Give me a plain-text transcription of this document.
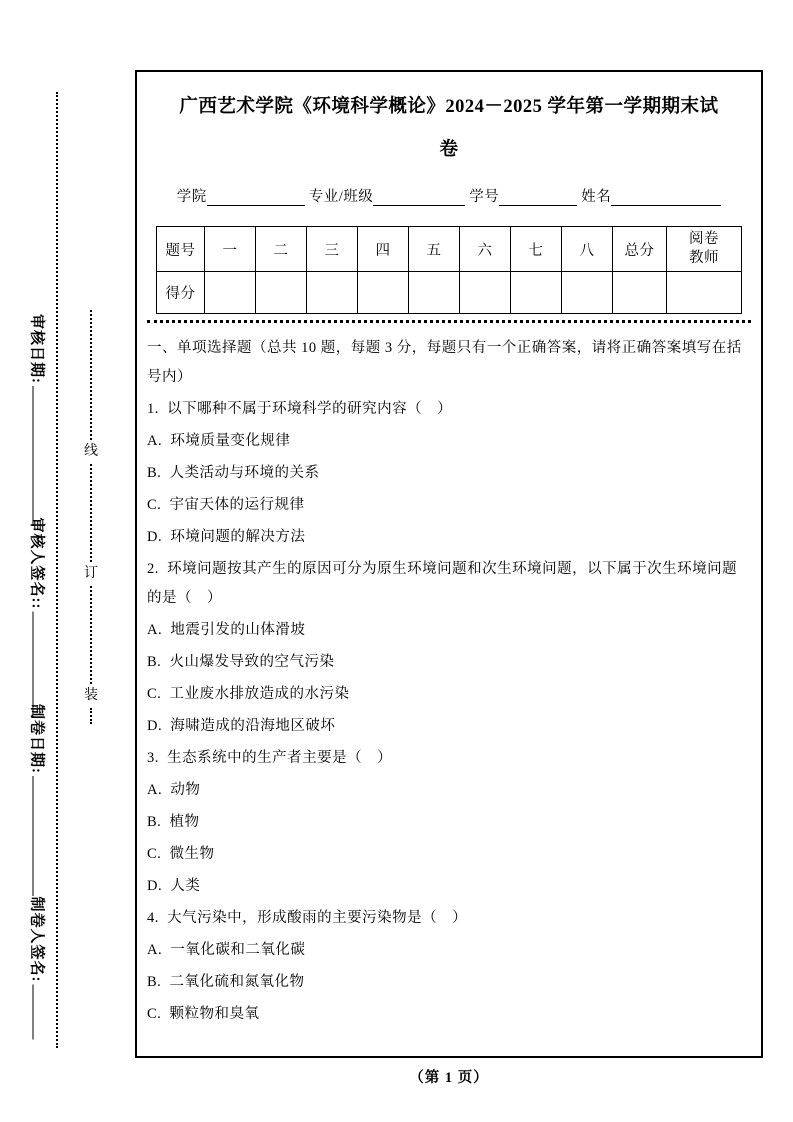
审核日期:
审核人签名::
制卷日期:
制卷人签名:
线
订
装
广西艺术学院《环境科学概论》2024－2025 学年第一学期期末试
卷
学院	专业/班级	学号	姓名
题号	一	二	三	四	五	六	七	八	总分	阅卷教师
得分										
一、单项选择题（总共 10 题，每题 3 分，每题只有一个正确答案，请将正确答案填写在括号内）
1.  以下哪种不属于环境科学的研究内容（　）
A.  环境质量变化规律
B.  人类活动与环境的关系
C.  宇宙天体的运行规律
D.  环境问题的解决方法
2.  环境问题按其产生的原因可分为原生环境问题和次生环境问题，以下属于次生环境问题的是（　）
A.  地震引发的山体滑坡
B.  火山爆发导致的空气污染
C.  工业废水排放造成的水污染
D.  海啸造成的沿海地区破坏
3.  生态系统中的生产者主要是（　）
A.  动物
B.  植物
C.  微生物
D.  人类
4.  大气污染中，形成酸雨的主要污染物是（　）
A.  一氧化碳和二氧化碳
B.  二氧化硫和氮氧化物
C.  颗粒物和臭氧
（第 1 页）
